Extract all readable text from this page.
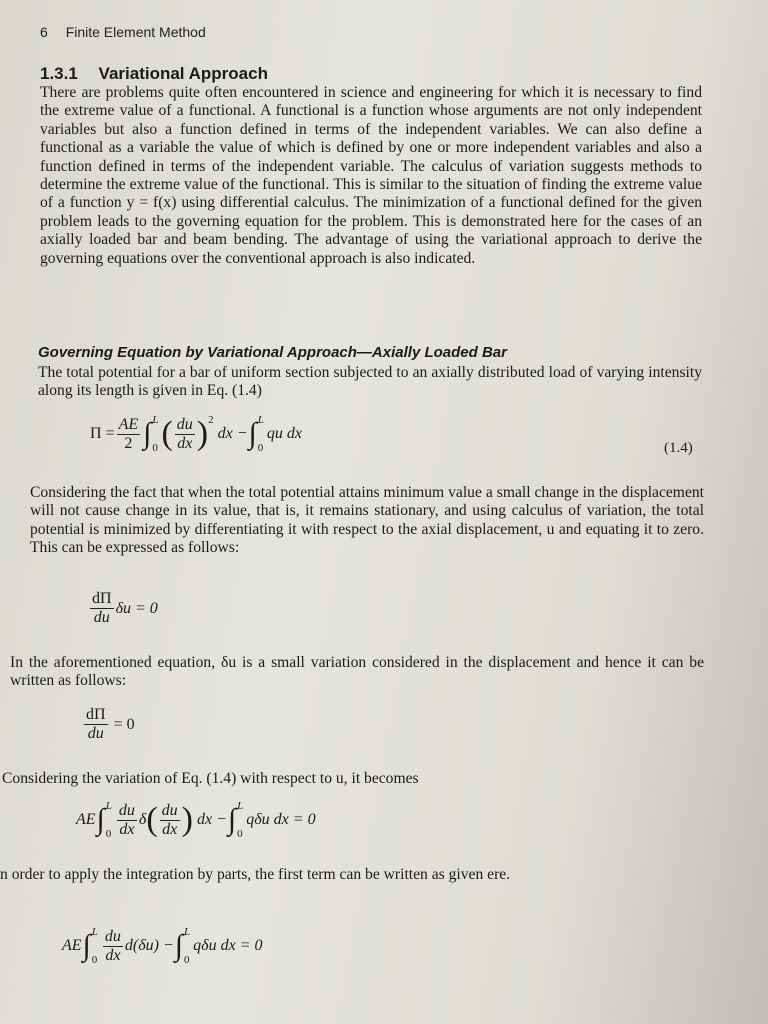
6 Finite Element Method
1.3.1 Variational Approach

There are problems quite often encountered in science and engineering for which it is necessary to find the extreme value of a functional. A functional is a function whose arguments are not only independent variables but also a function defined in terms of the independent variables. We can also define a functional as a variable the value of which is defined by one or more independent variables and also a function defined in terms of the independent variable. The calculus of variation suggests methods to determine the extreme value of the functional. This is similar to the situation of finding the extreme value of a function y = f(x) using differential calculus. The minimization of a functional defined for the given problem leads to the governing equation for the problem. This is demonstrated here for the cases of an axially loaded bar and beam bending. The advantage of using the variational approach to derive the governing equations over the conventional approach is also indicated.

Governing Equation by Variational Approach—Axially Loaded Bar

The total potential for a bar of uniform section subjected to an axially distributed load of varying intensity along its length is given in Eq. (1.4)

$\Pi = \frac{AE}{2}$ ∫ L
0 ( $\frac{du}{dx}$ ) 2
dx − ∫ L
0
qu dx
(1.4)

Considering the fact that when the total potential attains minimum value a small change in the displacement will not cause change in its value, that is, it remains stationary, and using calculus of variation, the total potential is minimized by differentiating it with respect to the axial displacement, u and equating it to zero. This can be expressed as follows:

$\frac{d\Pi}{du}$ δu = 0

In the aforementioned equation, δu is a small variation considered in the displacement and hence it can be written as follows:

$\frac{d\Pi}{du} = 0$

Considering the variation of Eq. (1.4) with respect to u, it becomes

AE ∫ L
$0 \frac{du}{dx}$ δ ( $\frac{du}{dx}$ ) dx − ∫ L
0
qδu dx = 0

n order to apply the integration by parts, the first term can be written as given ere.

AE ∫ L
$0 \frac{du}{dx} d(\delta u)$ − ∫ L
0
qδu dx = 0
